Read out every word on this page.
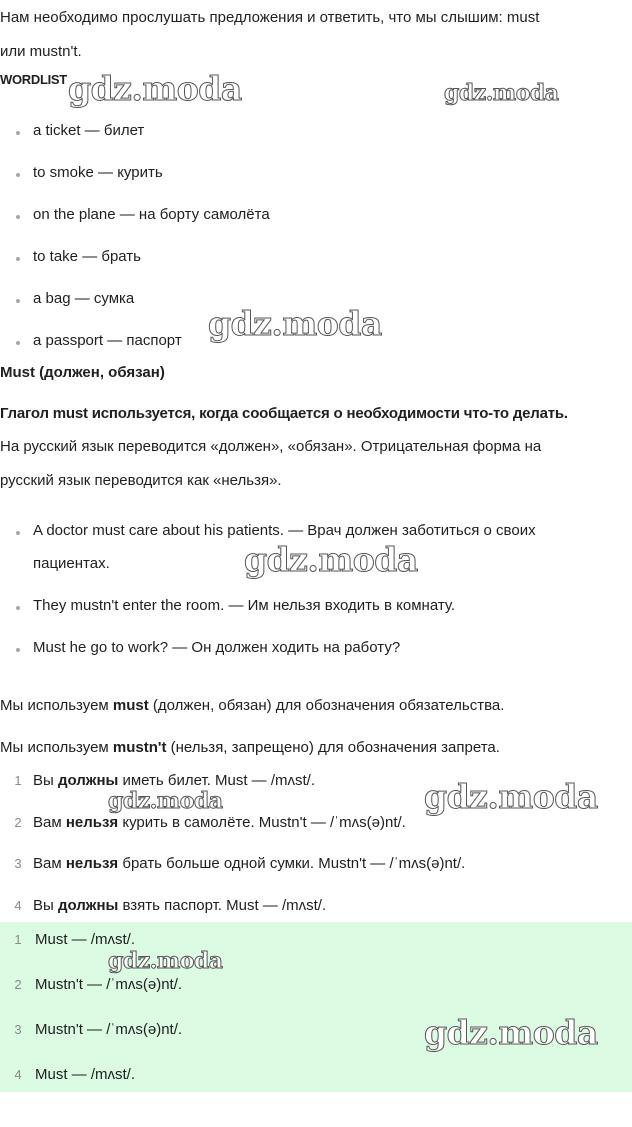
Нам необходимо прослушать предложения и ответить, что мы слышим: must
или mustn't.

WORDLIST
a ticket — билет
to smoke — курить
on the plane — на борту самолёта
to take — брать
a bag — сумка
a passport — паспорт
Must (должен, обязан)
Глагол must используется, когда сообщается о необходимости что-то делать.
На русский язык переводится «должен», «обязан». Отрицательная форма на
русский язык переводится как «нельзя».
A doctor must care about his patients. — Врач должен заботиться о своих
пациентах.
They mustn't enter the room. — Им нельзя входить в комнату.
Must he go to work? — Он должен ходить на работу?
Мы используем must (должен, обязан) для обозначения обязательства.
Мы используем mustn't (нельзя, запрещено) для обозначения запрета.
1 Вы должны иметь билет. Must — /mʌst/.
2 Вам нельзя курить в самолёте. Mustn't — /ˈmʌs(ə)nt/.
3 Вам нельзя брать больше одной сумки. Mustn't — /ˈmʌs(ə)nt/.
4 Вы должны взять паспорт. Must — /mʌst/.
1 Must — /mʌst/.
2 Mustn't — /ˈmʌs(ə)nt/.
3 Mustn't — /ˈmʌs(ə)nt/.
4 Must — /mʌst/.
gdz.moda	gdz.moda
gdz.moda
gdz.moda
gdz.moda	gdz.moda
gdz.moda
gdz.moda
